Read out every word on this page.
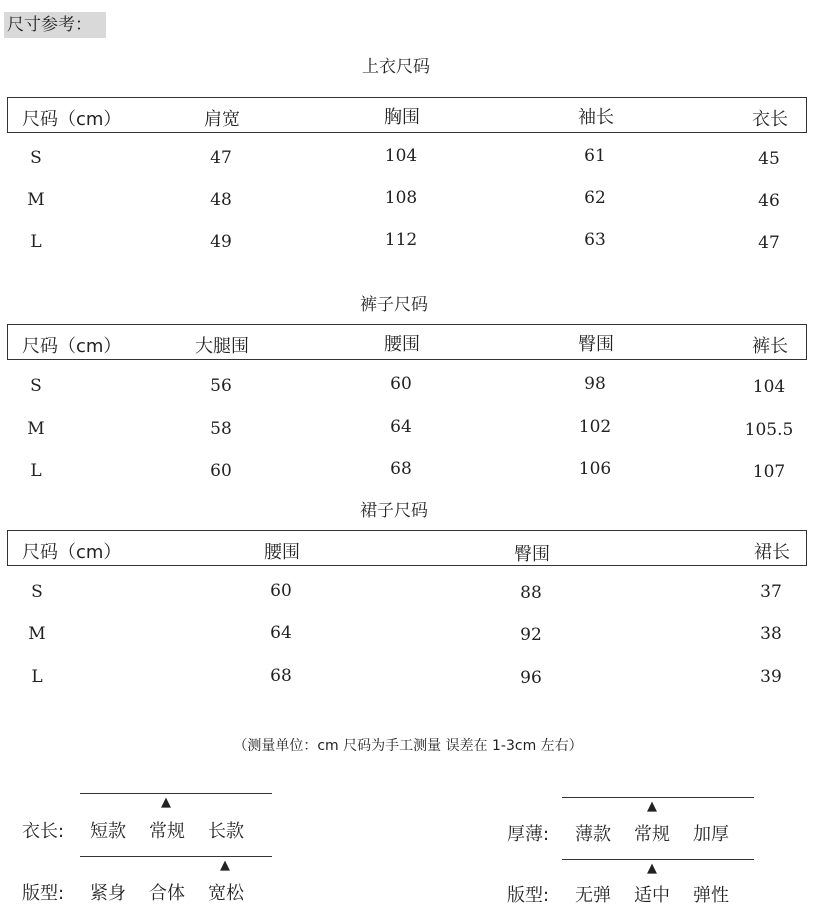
尺寸参考：
上衣尺码
尺码（cm）	肩宽	胸围	袖长	衣长
S	47	104	61	45
M	48	108	62	46
L	49	112	63	47
裤子尺码
尺码（cm）	大腿围	腰围	臀围	裤长
S	56	60	98	104
M	58	64	102	105.5
L	60	68	106	107
裙子尺码
尺码（cm）	腰围	臀围	裙长
S	60	88	37
M	64	92	38
L	68	96	39
（测量单位：cm 尺码为手工测量 误差在 1-3cm 左右）
▲
衣长: 短款 常规 长款
▲
版型: 紧身 合体 宽松
▲
厚薄: 薄款 常规 加厚
▲
版型: 无弹 适中 弹性
